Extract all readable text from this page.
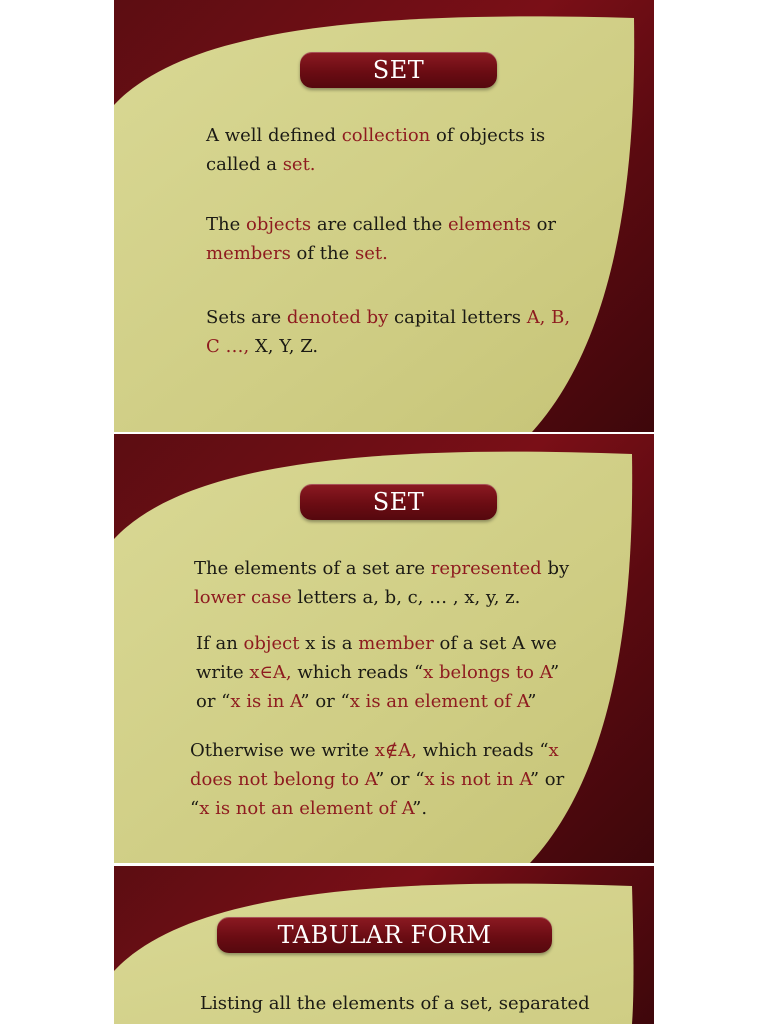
SET
A well defined collection of objects is
called a set.
The objects are called the elements or
members of the set.
Sets are denoted by capital letters A, B,
C …, X, Y, Z.
SET
The elements of a set are represented by
lower case letters a, b, c, … , x, y, z.
If an object x is a member of a set A we
write x∈A, which reads “x belongs to A”
or “x is in A” or “x is an element of A”
Otherwise we write x∉A, which reads “x
does not belong to A” or “x is not in A” or
“x is not an element of A”.
TABULAR FORM
Listing all the elements of a set, separated
